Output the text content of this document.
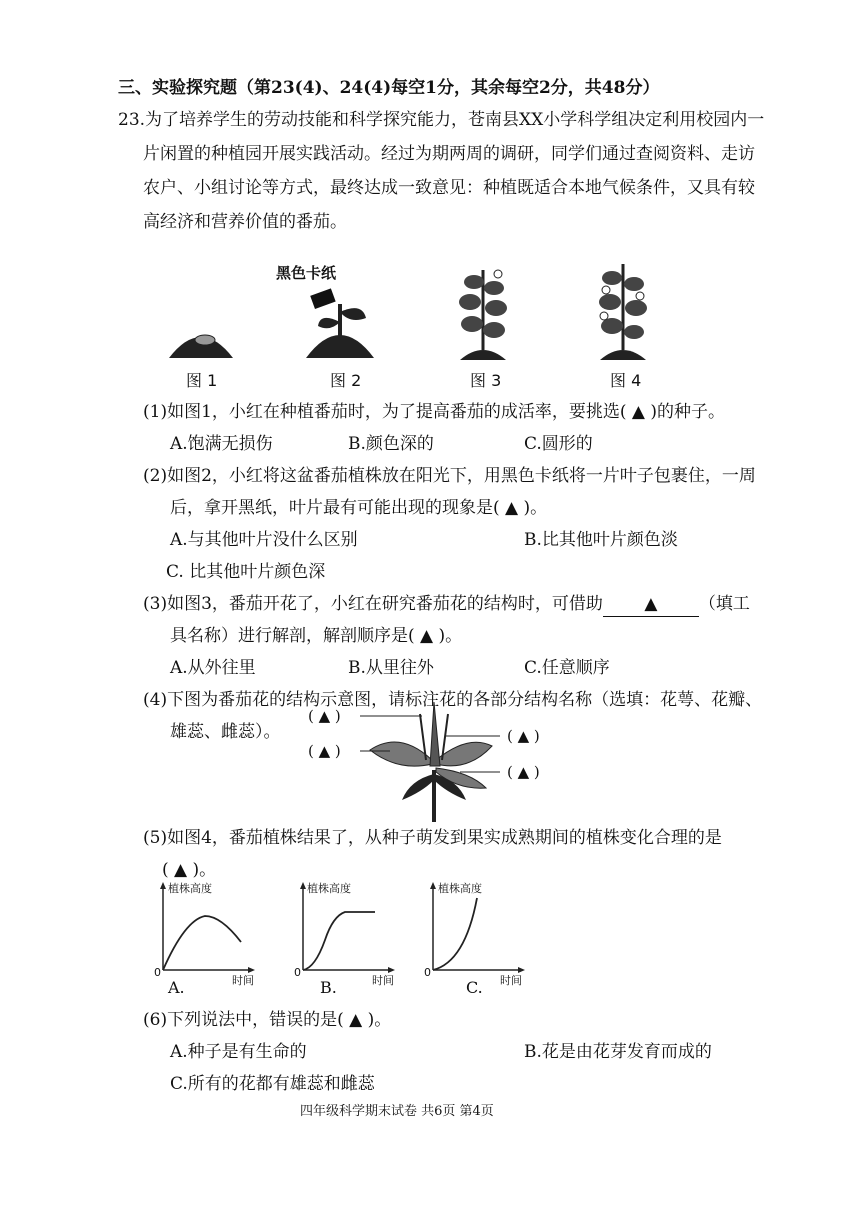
三、实验探究题（第23(4)、24(4)每空1分，其余每空2分，共48分）
23.为了培养学生的劳动技能和科学探究能力，苍南县XX小学科学组决定利用校园内一
片闲置的种植园开展实践活动。经过为期两周的调研，同学们通过查阅资料、走访
农户、小组讨论等方式，最终达成一致意见：种植既适合本地气候条件，又具有较
高经济和营养价值的番茄。
黑色卡纸
图 1	图 2	图 3	图 4
(1)如图1，小红在种植番茄时，为了提高番茄的成活率，要挑选( ▲ )的种子。
A.饱满无损伤	B.颜色深的	C.圆形的
(2)如图2，小红将这盆番茄植株放在阳光下，用黑色卡纸将一片叶子包裹住，一周
后，拿开黑纸，叶片最有可能出现的现象是( ▲ )。
A.与其他叶片没什么区别	B.比其他叶片颜色淡
C. 比其他叶片颜色深
(3)如图3，番茄开花了，小红在研究番茄花的结构时，可借助 ▲ （填工
具名称）进行解剖，解剖顺序是( ▲ )。
A.从外往里	B.从里往外	C.任意顺序
(4)下图为番茄花的结构示意图，请标注花的各部分结构名称（选填：花萼、花瓣、
雄蕊、雌蕊）。
( ▲ )
( ▲ )
( ▲ )
( ▲ )
(5)如图4，番茄植株结果了，从种子萌发到果实成熟期间的植株变化合理的是
( ▲ )。
植株高度
时间
0
A.
植株高度
时间
0
B.
植株高度
时间
0
C.
(6)下列说法中，错误的是( ▲ )。
A.种子是有生命的	B.花是由花芽发育而成的
C.所有的花都有雄蕊和雌蕊
四年级科学期末试卷 共6页 第4页
